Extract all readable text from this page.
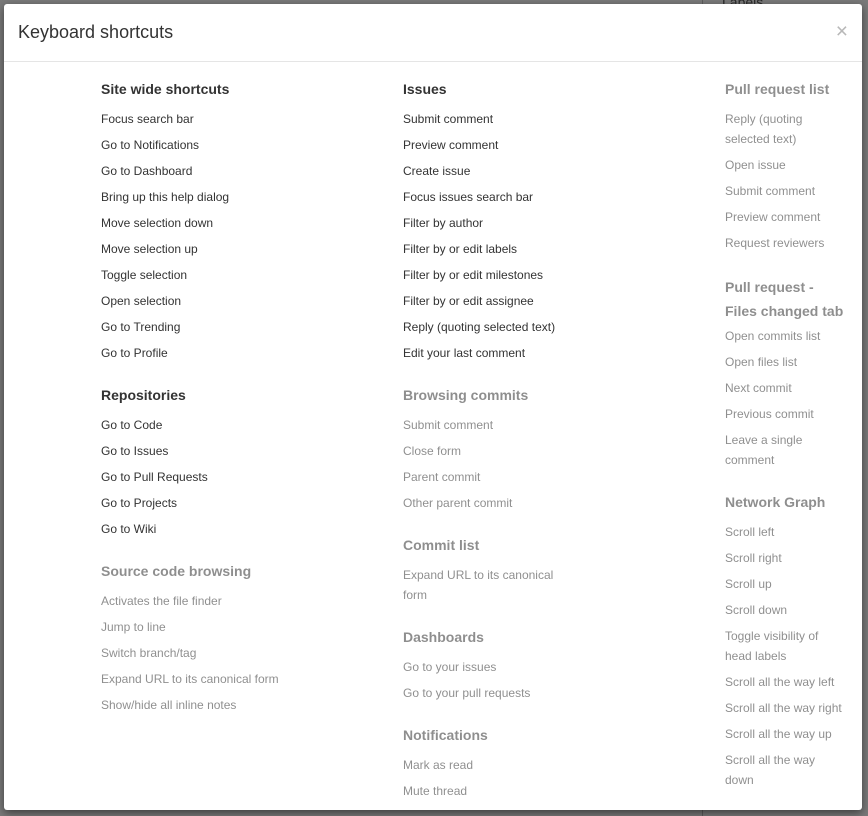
Keyboard shortcuts	×
Site wide shortcuts
Focus search bar
Go to Notifications
Go to Dashboard
Bring up this help dialog
Move selection down
Move selection up
Toggle selection
Open selection
Go to Trending
Go to Profile
Repositories
Go to Code
Go to Issues
Go to Pull Requests
Go to Projects
Go to Wiki
Source code browsing
Activates the file finder
Jump to line
Switch branch/tag
Expand URL to its canonical form
Show/hide all inline notes
Issues
Submit comment
Preview comment
Create issue
Focus issues search bar
Filter by author
Filter by or edit labels
Filter by or edit milestones
Filter by or edit assignee
Reply (quoting selected text)
Edit your last comment
Browsing commits
Submit comment
Close form
Parent commit
Other parent commit
Commit list
Expand URL to its canonical
form
Dashboards
Go to your issues
Go to your pull requests
Notifications
Mark as read
Mute thread
Pull request list
Reply (quoting
selected text)
Open issue
Submit comment
Preview comment
Request reviewers
Pull request -
Files changed tab
Open commits list
Open files list
Next commit
Previous commit
Leave a single
comment
Network Graph
Scroll left
Scroll right
Scroll up
Scroll down
Toggle visibility of
head labels
Scroll all the way left
Scroll all the way right
Scroll all the way up
Scroll all the way
down
